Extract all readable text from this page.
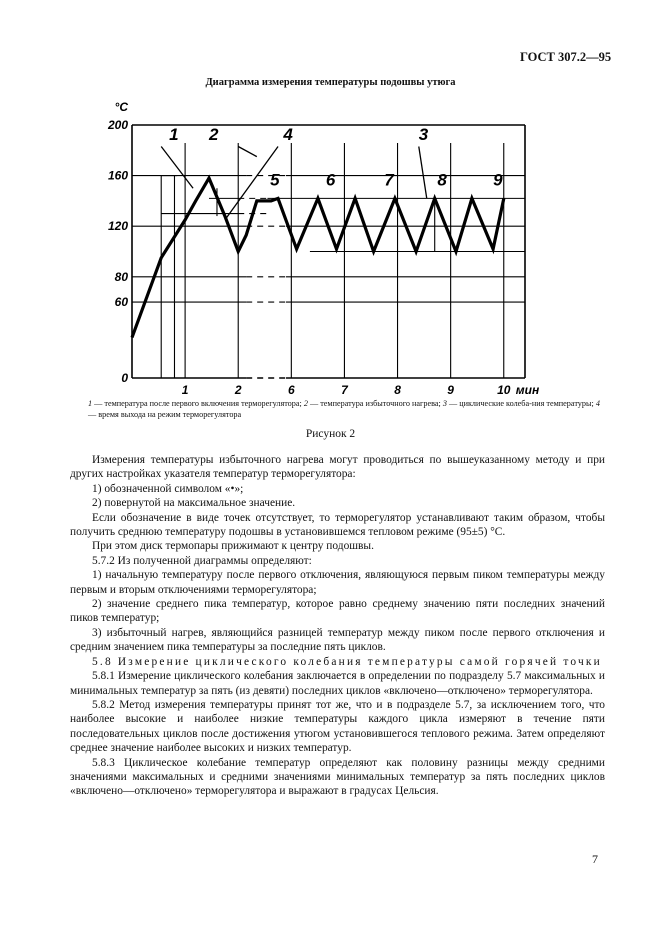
ГОСТ 307.2—95
Диаграмма измерения температуры подошвы утюга
0
60
80
120
160
200
°C
1	2	6	7	8	9	10 мин
1 2	3
4
5	6	7	8	9
1 — температура после первого включения терморегулятора; 2 — температура избыточного нагрева; 3 — циклические колеба-ния температуры; 4 — время выхода на режим терморегулятора
Рисунок 2

Измерения температуры избыточного нагрева могут проводиться по вышеуказанному методу и при других настройках указателя температур терморегулятора:

1) обозначенной символом «•»;

2) повернутой на максимальное значение.

Если обозначение в виде точек отсутствует, то терморегулятор устанавливают таким образом, чтобы получить среднюю температуру подошвы в установившемся тепловом режиме (95±5) °С.

При этом диск термопары прижимают к центру подошвы.

5.7.2 Из полученной диаграммы определяют:

1) начальную температуру после первого отключения, являющуюся первым пиком температуры между первым и вторым отключениями терморегулятора;

2) значение среднего пика температур, которое равно среднему значению пяти последних значений пиков температур;

3) избыточный нагрев, являющийся разницей температур между пиком после первого отключения и средним значением пика температуры за последние пять циклов.

5.8 Измерение циклического колебания температуры самой горячей точки

5.8.1 Измерение циклического колебания заключается в определении по подразделу 5.7 максимальных и минимальных температур за пять (из девяти) последних циклов «включено—отключено» терморегулятора.

5.8.2 Метод измерения температуры принят тот же, что и в подразделе 5.7, за исключением того, что наиболее высокие и наиболее низкие температуры каждого цикла измеряют в течение пяти последовательных циклов после достижения утюгом установившегося теплового режима. Затем определяют среднее значение наиболее высоких и низких температур.

5.8.3 Циклическое колебание температур определяют как половину разницы между средними значениями максимальных и средними значениями минимальных температур за пять последних циклов «включено—отключено» терморегулятора и выражают в градусах Цельсия.

7
